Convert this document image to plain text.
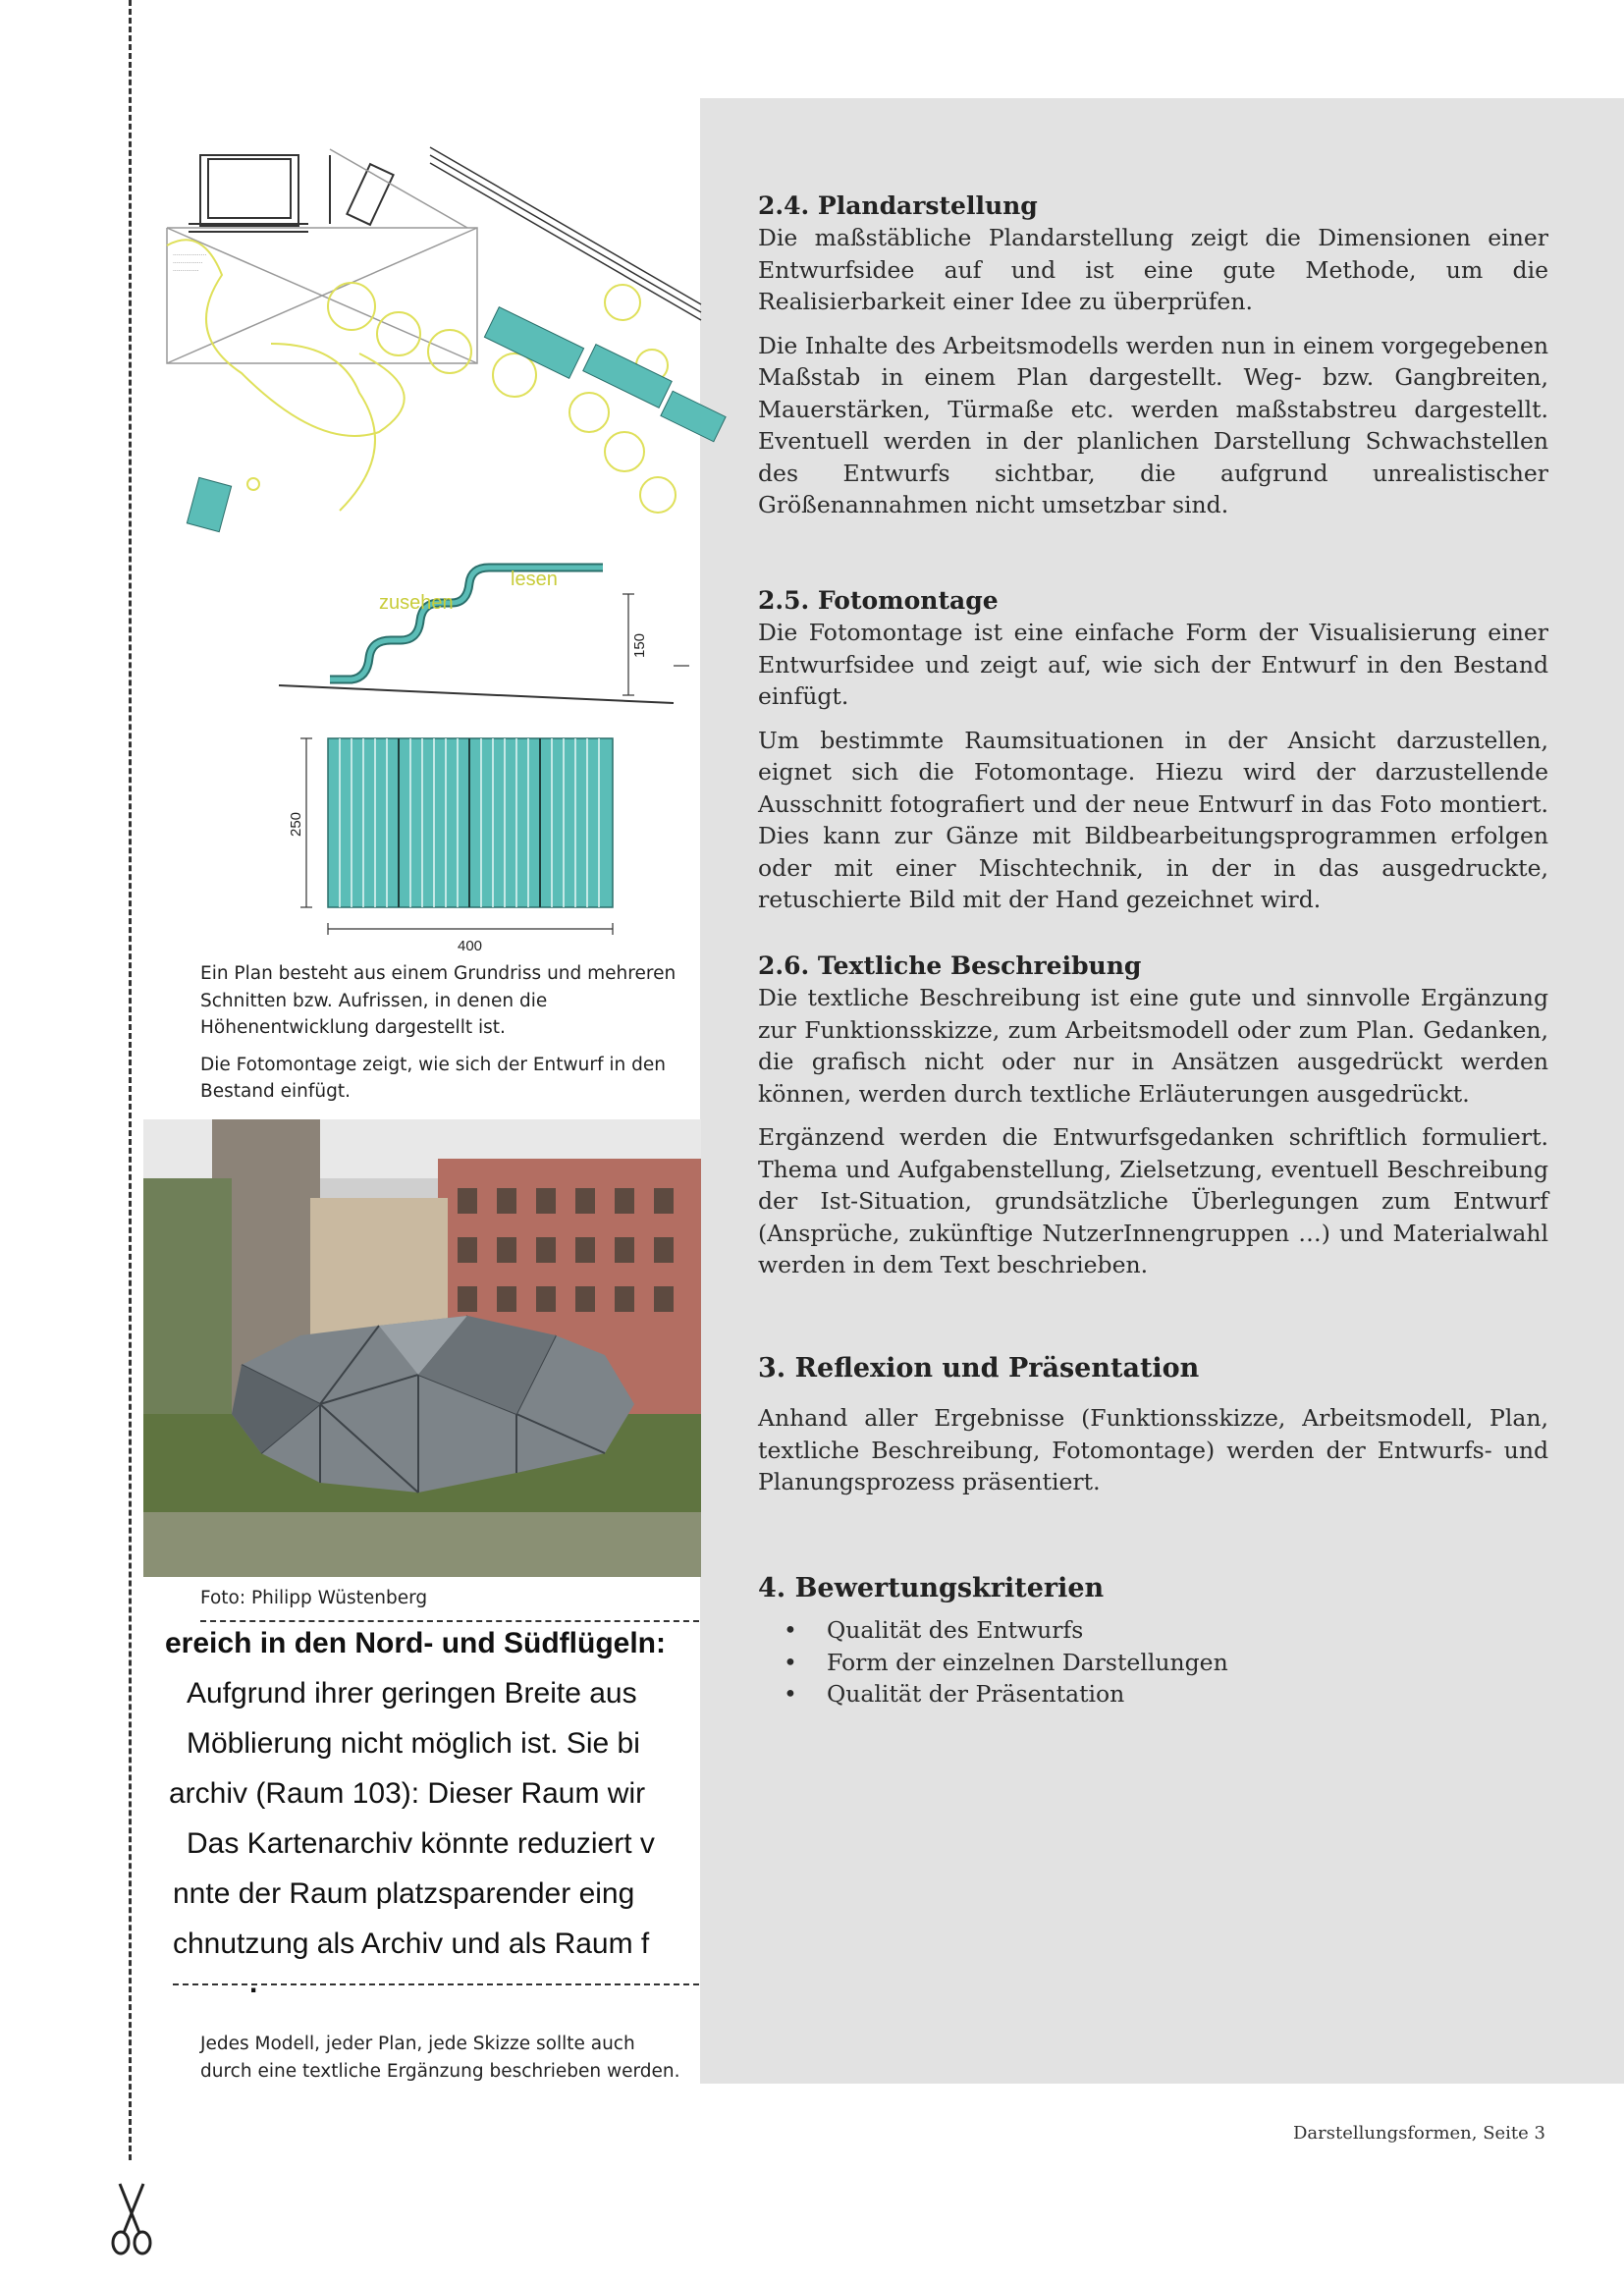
..................
................
..............
zusehen
lesen
150
250
400

Ein Plan besteht aus einem Grundriss und mehreren Schnitten bzw. Aufrissen, in denen die Höhenentwicklung dargestellt ist.

Die Fotomontage zeigt, wie sich der Entwurf in den Bestand einfügt.

Foto: Philipp Wüstenberg
ereich in den Nord- und Südflügeln:
Aufgrund ihrer geringen Breite aus
Möblierung nicht möglich ist. Sie bi
archiv (Raum 103): Dieser Raum wir
Das Kartenarchiv könnte reduziert v
nnte der Raum platzsparender eing
chnutzung als Archiv und als Raum f
.
Jedes Modell, jeder Plan, jede Skizze sollte auch durch eine textliche Ergänzung beschrieben werden.
2.4. Plandarstellung

Die maßstäbliche Plandarstellung zeigt die Dimensionen einer Entwurfsidee auf und ist eine gute Methode, um die Realisierbarkeit einer Idee zu überprüfen.

Die Inhalte des Arbeitsmodells werden nun in einem vorgegebenen Maßstab in einem Plan dargestellt. Weg- bzw. Gangbreiten, Mauerstärken, Türmaße etc. werden maßstabstreu dargestellt. Eventuell werden in der planlichen Darstellung Schwachstellen des Entwurfs sichtbar, die aufgrund unrealistischer Größenannahmen nicht umsetzbar sind.

2.5. Fotomontage

Die Fotomontage ist eine einfache Form der Visualisierung einer Entwurfsidee und zeigt auf, wie sich der Entwurf in den Bestand einfügt.

Um bestimmte Raumsituationen in der Ansicht darzustellen, eignet sich die Fotomontage. Hiezu wird der darzustellende Ausschnitt fotografiert und der neue Entwurf in das Foto montiert. Dies kann zur Gänze mit Bildbearbeitungsprogrammen erfolgen oder mit einer Mischtechnik, in der in das ausgedruckte, retuschierte Bild mit der Hand gezeichnet wird.

2.6. Textliche Beschreibung

Die textliche Beschreibung ist eine gute und sinnvolle Ergänzung zur Funktionsskizze, zum Arbeitsmodell oder zum Plan. Gedanken, die grafisch nicht oder nur in Ansätzen ausgedrückt werden können, werden durch textliche Erläuterungen ausgedrückt.

Ergänzend werden die Entwurfsgedanken schriftlich formuliert. Thema und Aufgabenstellung, Zielsetzung, eventuell Beschreibung der Ist-Situation, grundsätzliche Überlegungen zum Entwurf (Ansprüche, zukünftige NutzerInnengruppen …) und Materialwahl werden in dem Text beschrieben.

3. Reflexion und Präsentation

Anhand aller Ergebnisse (Funktionsskizze, Arbeitsmodell, Plan, textliche Beschreibung, Fotomontage) werden der Entwurfs- und Planungsprozess präsentiert.

4. Bewertungskriterien
• Qualität des Entwurfs
• Form der einzelnen Darstellungen
• Qualität der Präsentation
Darstellungsformen, Seite 3
